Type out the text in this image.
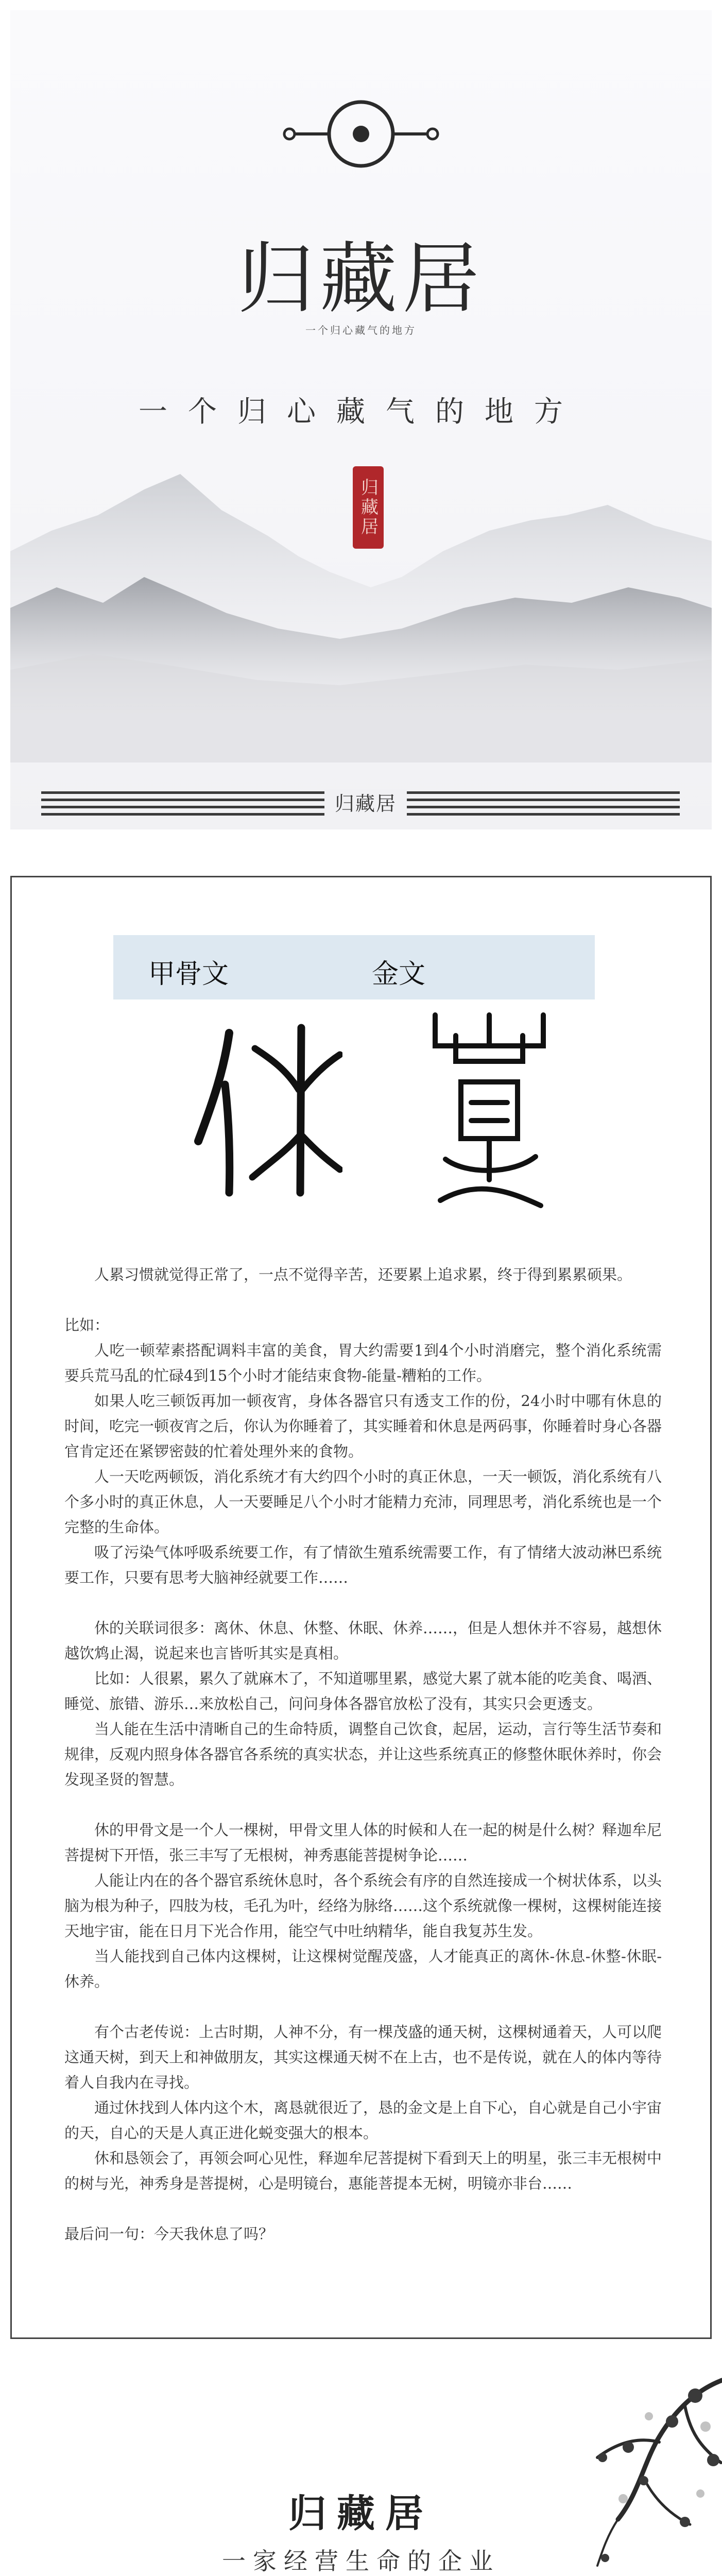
归藏居
一个归心藏气的地方
一个归心藏气的地方
归藏居
归藏居
甲骨文	金文

人累习惯就觉得正常了，一点不觉得辛苦，还要累上追求累，终于得到累累硕果。

比如：

人吃一顿荤素搭配调料丰富的美食，胃大约需要1到4个小时消磨完，整个消化系统需要兵荒马乱的忙碌4到15个小时才能结束食物-能量-糟粕的工作。

如果人吃三顿饭再加一顿夜宵，身体各器官只有透支工作的份，24小时中哪有休息的时间，吃完一顿夜宵之后，你认为你睡着了，其实睡着和休息是两码事，你睡着时身心各器官肯定还在紧锣密鼓的忙着处理外来的食物。

人一天吃两顿饭，消化系统才有大约四个小时的真正休息，一天一顿饭，消化系统有八个多小时的真正休息，人一天要睡足八个小时才能精力充沛，同理思考，消化系统也是一个完整的生命体。

吸了污染气体呼吸系统要工作，有了情欲生殖系统需要工作，有了情绪大波动淋巴系统要工作，只要有思考大脑神经就要工作……

休的关联词很多：离休、休息、休整、休眠、休养……，但是人想休并不容易，越想休越饮鸩止渴，说起来也言皆听其实是真相。

比如：人很累，累久了就麻木了，不知道哪里累，感觉大累了就本能的吃美食、喝酒、睡觉、旅错、游乐…来放松自己，问问身体各器官放松了没有，其实只会更透支。

当人能在生活中清晰自己的生命特质，调整自己饮食，起居，运动，言行等生活节奏和规律，反观内照身体各器官各系统的真实状态，并让这些系统真正的修整休眠休养时，你会发现圣贤的智慧。

休的甲骨文是一个人一棵树，甲骨文里人体的时候和人在一起的树是什么树？释迦牟尼菩提树下开悟，张三丰写了无根树，神秀惠能菩提树争论……

人能让内在的各个器官系统休息时，各个系统会有序的自然连接成一个树状体系，以头脑为根为种子，四肢为枝，毛孔为叶，经络为脉络……这个系统就像一棵树，这棵树能连接天地宇宙，能在日月下光合作用，能空气中吐纳精华，能自我复苏生发。

当人能找到自己体内这棵树，让这棵树觉醒茂盛，人才能真正的离休-休息-休整-休眠-休养。

有个古老传说：上古时期，人神不分，有一棵茂盛的通天树，这棵树通着天，人可以爬这通天树，到天上和神做朋友，其实这棵通天树不在上古，也不是传说，就在人的体内等待着人自我内在寻找。

通过休找到人体内这个木，离恳就很近了，恳的金文是上自下心，自心就是自己小宇宙的天，自心的天是人真正进化蜕变强大的根本。

休和恳领会了，再领会呵心见性，释迦牟尼菩提树下看到天上的明星，张三丰无根树中的树与光，神秀身是菩提树，心是明镜台，惠能菩提本无树，明镜亦非台……

最后问一句：今天我休息了吗？

归藏居
一家经营生命的企业
